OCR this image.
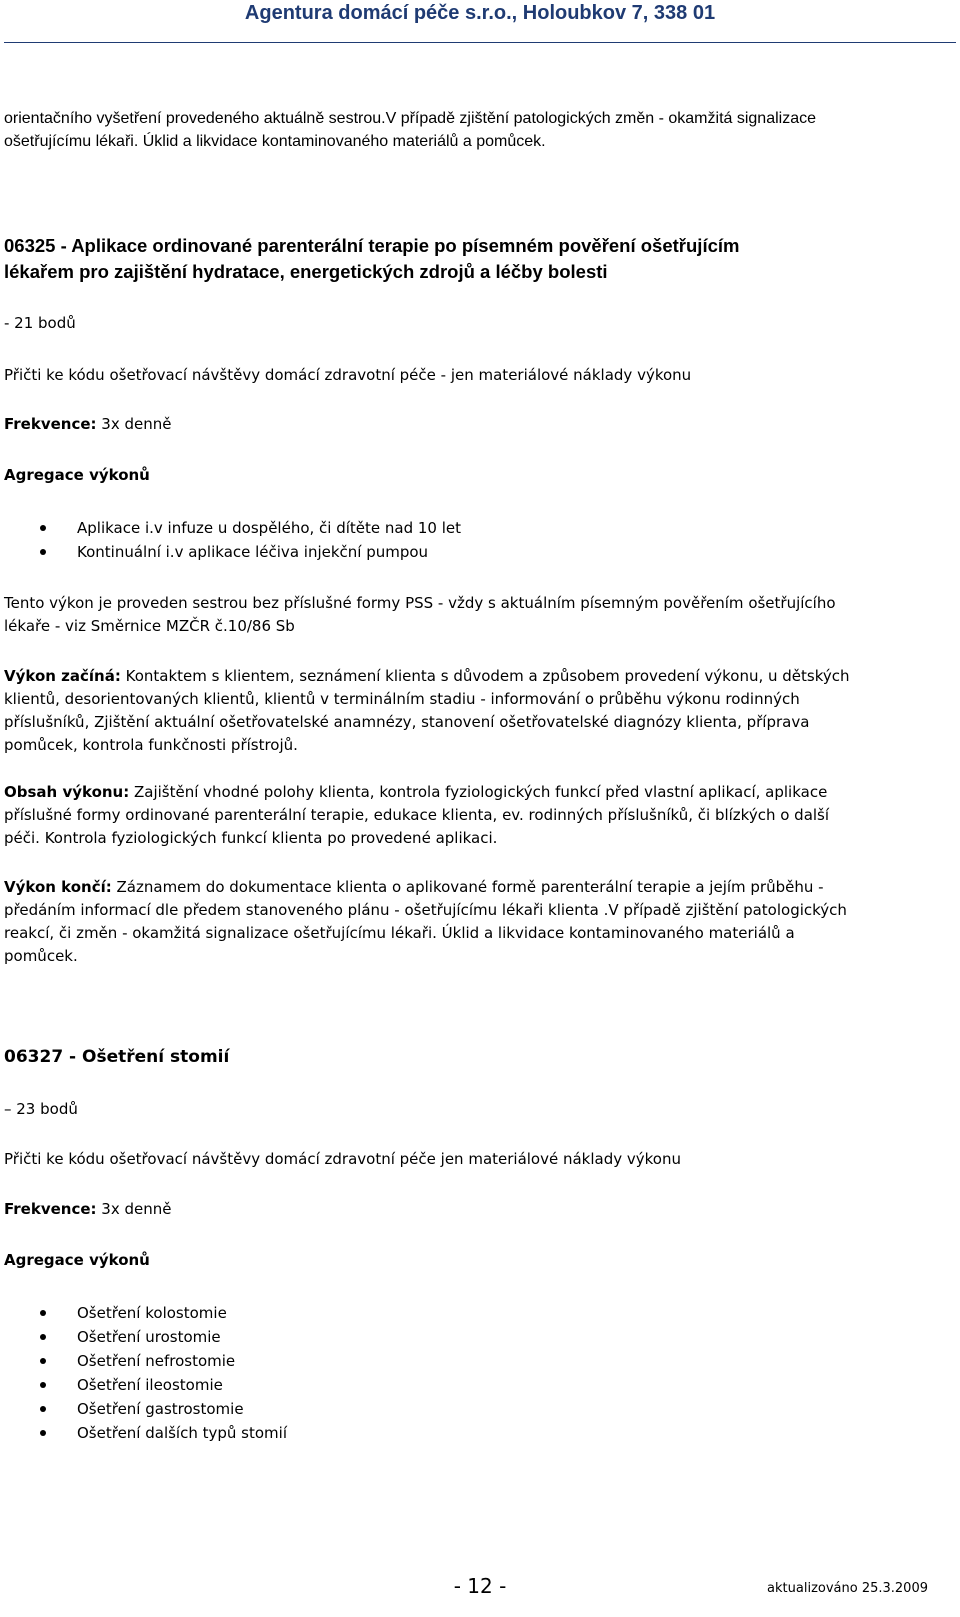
Agentura domácí péče s.r.o., Holoubkov 7, 338 01

orientačního vyšetření provedeného aktuálně sestrou.V případě zjištění patologických změn - okamžitá signalizace

ošetřujícímu lékaři. Úklid a likvidace kontaminovaného materiálů a pomůcek.

06325 - Aplikace ordinované parenterální terapie po písemném pověření ošetřujícím

lékařem pro zajištění hydratace, energetických zdrojů a léčby bolesti

- 21 bodů

Přičti ke kódu ošetřovací návštěvy domácí zdravotní péče - jen materiálové náklady výkonu

Frekvence: 3x denně

Agregace výkonů

Aplikace i.v infuze u dospělého, či dítěte nad 10 let
Kontinuální i.v aplikace léčiva injekční pumpou

Tento výkon je proveden sestrou bez příslušné formy PSS - vždy s aktuálním písemným pověřením ošetřujícího

lékaře - viz Směrnice MZČR č.10/86 Sb

Výkon začíná: Kontaktem s klientem, seznámení klienta s důvodem a způsobem provedení výkonu, u dětských

klientů, desorientovaných klientů, klientů v terminálním stadiu - informování o průběhu výkonu rodinných

příslušníků, Zjištění aktuální ošetřovatelské anamnézy, stanovení ošetřovatelské diagnózy klienta, příprava

pomůcek, kontrola funkčnosti přístrojů.

Obsah výkonu: Zajištění vhodné polohy klienta, kontrola fyziologických funkcí před vlastní aplikací, aplikace

příslušné formy ordinované parenterální terapie, edukace klienta, ev. rodinných příslušníků, či blízkých o další

péči. Kontrola fyziologických funkcí klienta po provedené aplikaci.

Výkon končí: Záznamem do dokumentace klienta o aplikované formě parenterální terapie a jejím průběhu -

předáním informací dle předem stanoveného plánu - ošetřujícímu lékaři klienta .V případě zjištění patologických

reakcí, či změn - okamžitá signalizace ošetřujícímu lékaři. Úklid a likvidace kontaminovaného materiálů a

pomůcek.

06327 - Ošetření stomií

– 23 bodů

Přičti ke kódu ošetřovací návštěvy domácí zdravotní péče jen materiálové náklady výkonu

Frekvence: 3x denně

Agregace výkonů

Ošetření kolostomie
Ošetření urostomie
Ošetření nefrostomie
Ošetření ileostomie
Ošetření gastrostomie
Ošetření dalších typů stomií
- 12 -	aktualizováno 25.3.2009
